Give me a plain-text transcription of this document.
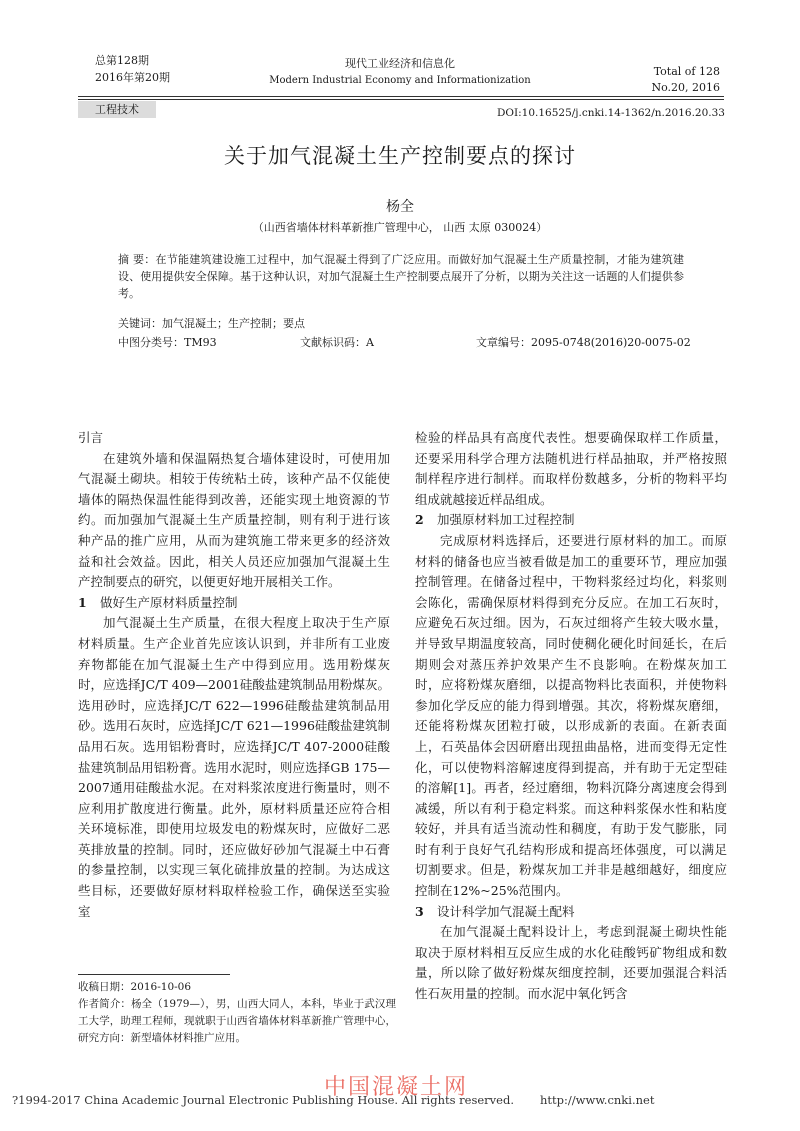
总第128期
2016年第20期
现代工业经济和信息化
Modern Industrial Economy and Informationization
Total of 128
No.20, 2016
工程技术	DOI:10.16525/j.cnki.14-1362/n.2016.20.33
关于加气混凝土生产控制要点的探讨
杨全
（山西省墙体材料革新推广管理中心， 山西 太原 030024）
摘 要：在节能建筑建设施工过程中，加气混凝土得到了广泛应用。而做好加气混凝土生产质量控制，才能为建筑建设、使用提供安全保障。基于这种认识，对加气混凝土生产控制要点展开了分析，以期为关注这一话题的人们提供参考。
关键词：加气混凝土；生产控制；要点
中图分类号：TM93	文献标识码：A	文章编号：2095-0748(2016)20-0075-02
引言

在建筑外墙和保温隔热复合墙体建设时，可使用加气混凝土砌块。相较于传统粘土砖，该种产品不仅能使墙体的隔热保温性能得到改善，还能实现土地资源的节约。而加强加气混凝土生产质量控制，则有利于进行该种产品的推广应用，从而为建筑施工带来更多的经济效益和社会效益。因此，相关人员还应加强加气混凝土生产控制要点的研究，以便更好地开展相关工作。

1 做好生产原材料质量控制

加气混凝土生产质量，在很大程度上取决于生产原材料质量。生产企业首先应该认识到，并非所有工业废弃物都能在加气混凝土生产中得到应用。选用粉煤灰时，应选择JC/T 409—2001硅酸盐建筑制品用粉煤灰。选用砂时，应选择JC/T 622—1996硅酸盐建筑制品用砂。选用石灰时，应选择JC/T 621—1996硅酸盐建筑制品用石灰。选用铝粉膏时，应选择JC/T 407-2000硅酸盐建筑制品用铝粉膏。选用水泥时，则应选择GB 175—2007通用硅酸盐水泥。在对料浆浓度进行衡量时，则不应利用扩散度进行衡量。此外，原材料质量还应符合相关环境标准，即使用垃圾发电的粉煤灰时，应做好二恶英排放量的控制。同时，还应做好砂加气混凝土中石膏的参量控制，以实现三氧化硫排放量的控制。为达成这些目标，还要做好原材料取样检验工作，确保送至实验室

检验的样品具有高度代表性。想要确保取样工作质量，还要采用科学合理方法随机进行样品抽取，并严格按照制样程序进行制样。而取样份数越多，分析的物料平均组成就越接近样品组成。

2 加强原材料加工过程控制

完成原材料选择后，还要进行原材料的加工。而原材料的储备也应当被看做是加工的重要环节，理应加强控制管理。在储备过程中，干物料浆经过均化，料浆则会陈化，需确保原材料得到充分反应。在加工石灰时，应避免石灰过细。因为，石灰过细将产生较大吸水量，并导致早期温度较高，同时使稠化硬化时间延长，在后期则会对蒸压养护效果产生不良影响。在粉煤灰加工时，应将粉煤灰磨细，以提高物料比表面积，并使物料参加化学反应的能力得到增强。其次，将粉煤灰磨细，还能将粉煤灰团粒打破，以形成新的表面。在新表面上，石英晶体会因研磨出现扭曲晶格，进而变得无定性化，可以使物料溶解速度得到提高，并有助于无定型硅的溶解[1]。再者，经过磨细，物料沉降分离速度会得到减缓，所以有利于稳定料浆。而这种料浆保水性和粘度较好，并具有适当流动性和稠度，有助于发气膨胀，同时有利于良好气孔结构形成和提高坯体强度，可以满足切割要求。但是，粉煤灰加工并非是越细越好，细度应控制在12%~25%范围内。

3 设计科学加气混凝土配料

在加气混凝土配料设计上，考虑到混凝土砌块性能取决于原材料相互反应生成的水化硅酸钙矿物组成和数量，所以除了做好粉煤灰细度控制，还要加强混合料活性石灰用量的控制。而水泥中氧化钙含

收稿日期：2016-10-06
作者简介：杨全（1979—），男，山西大同人，本科，毕业于武汉理工大学，助理工程师，现就职于山西省墙体材料革新推广管理中心，研究方向：新型墙体材料推广应用。
?1994-2017 China Academic Journal Electronic Publishing House. All rights reserved. http://www.cnki.net
中国混凝土网
